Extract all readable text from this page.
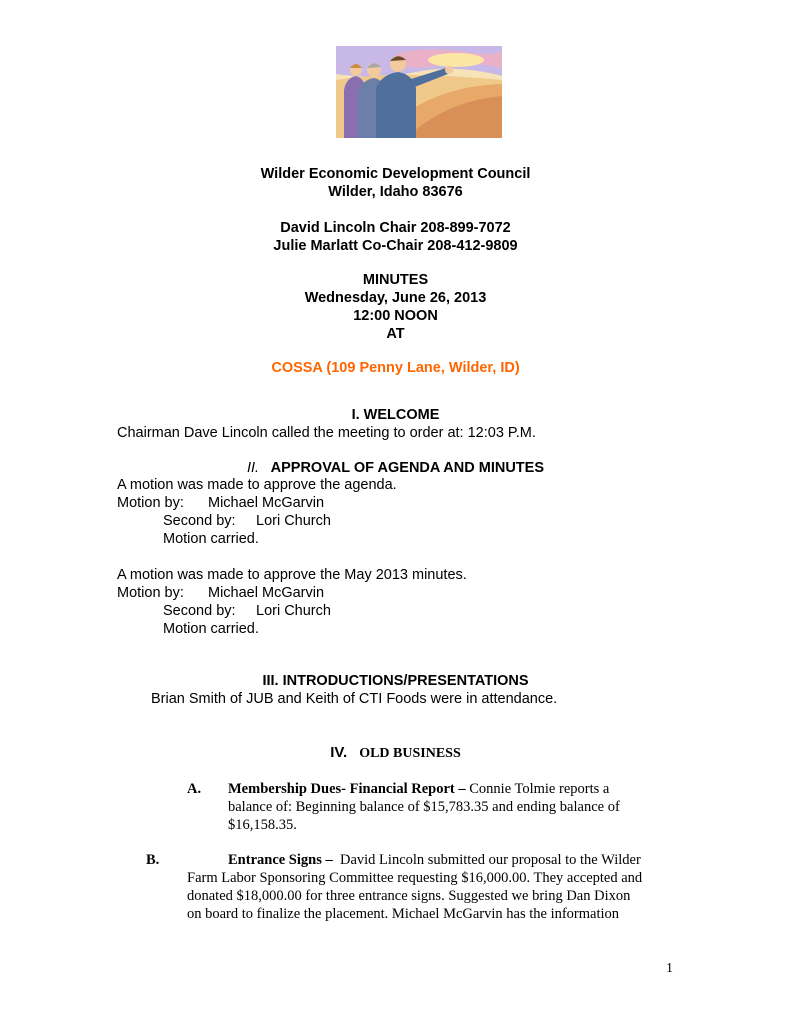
Wilder Economic Development Council
Wilder, Idaho 83676
David Lincoln Chair 208-899-7072
Julie Marlatt Co-Chair 208-412-9809
MINUTES
Wednesday, June 26, 2013
12:00 NOON
AT
COSSA (109 Penny Lane, Wilder, ID)
I. WELCOME
Chairman Dave Lincoln called the meeting to order at: 12:03 P.M.
II. APPROVAL OF AGENDA AND MINUTES
A motion was made to approve the agenda.
Motion by: Michael McGarvin
Second by: Lori Church
Motion carried.
A motion was made to approve the May 2013 minutes.
Motion by: Michael McGarvin
Second by: Lori Church
Motion carried.
III. INTRODUCTIONS/PRESENTATIONS
Brian Smith of JUB and Keith of CTI Foods were in attendance.
IV. OLD BUSINESS
A. Membership Dues- Financial Report – Connie Tolmie reports a
balance of: Beginning balance of $15,783.35 and ending balance of
$16,158.35.
B.	Entrance Signs – David Lincoln submitted our proposal to the Wilder
Farm Labor Sponsoring Committee requesting $16,000.00. They accepted and
donated $18,000.00 for three entrance signs. Suggested we bring Dan Dixon
on board to finalize the placement. Michael McGarvin has the information
1
